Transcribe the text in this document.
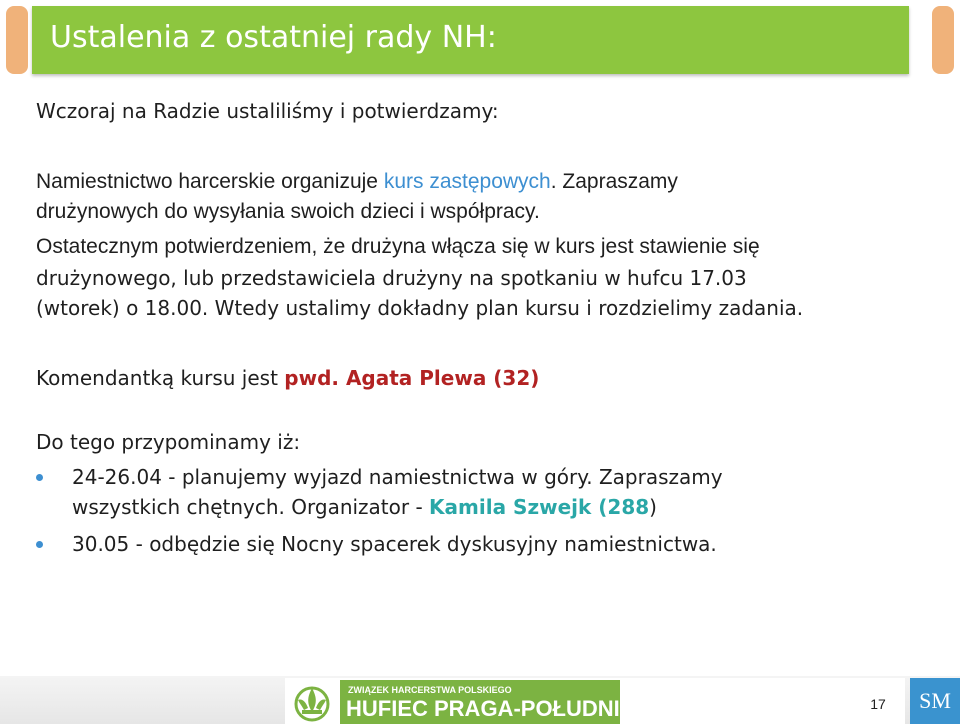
Ustalenia z ostatniej rady NH:

Wczoraj na Radzie ustaliliśmy i potwierdzamy:

Namiestnictwo harcerskie organizuje kurs zastępowych. Zapraszamy

drużynowych do wysyłania swoich dzieci i współpracy.

Ostatecznym potwierdzeniem, że drużyna włącza się w kurs jest stawienie się

drużynowego, lub przedstawiciela drużyny na spotkaniu w hufcu 17.03

(wtorek) o 18.00. Wtedy ustalimy dokładny plan kursu i rozdzielimy zadania.

Komendantką kursu jest pwd. Agata Plewa (32)

Do tego przypominamy iż:

24-26.04 - planujemy wyjazd namiestnictwa w góry. Zapraszamy

wszystkich chętnych. Organizator - Kamila Szwejk (288)

30.05 - odbędzie się Nocny spacerek dyskusyjny namiestnictwa.

ZWIĄZEK HARCERSTWA POLSKIEGO
HUFIEC PRAGA-POŁUDNIE	17	SM
